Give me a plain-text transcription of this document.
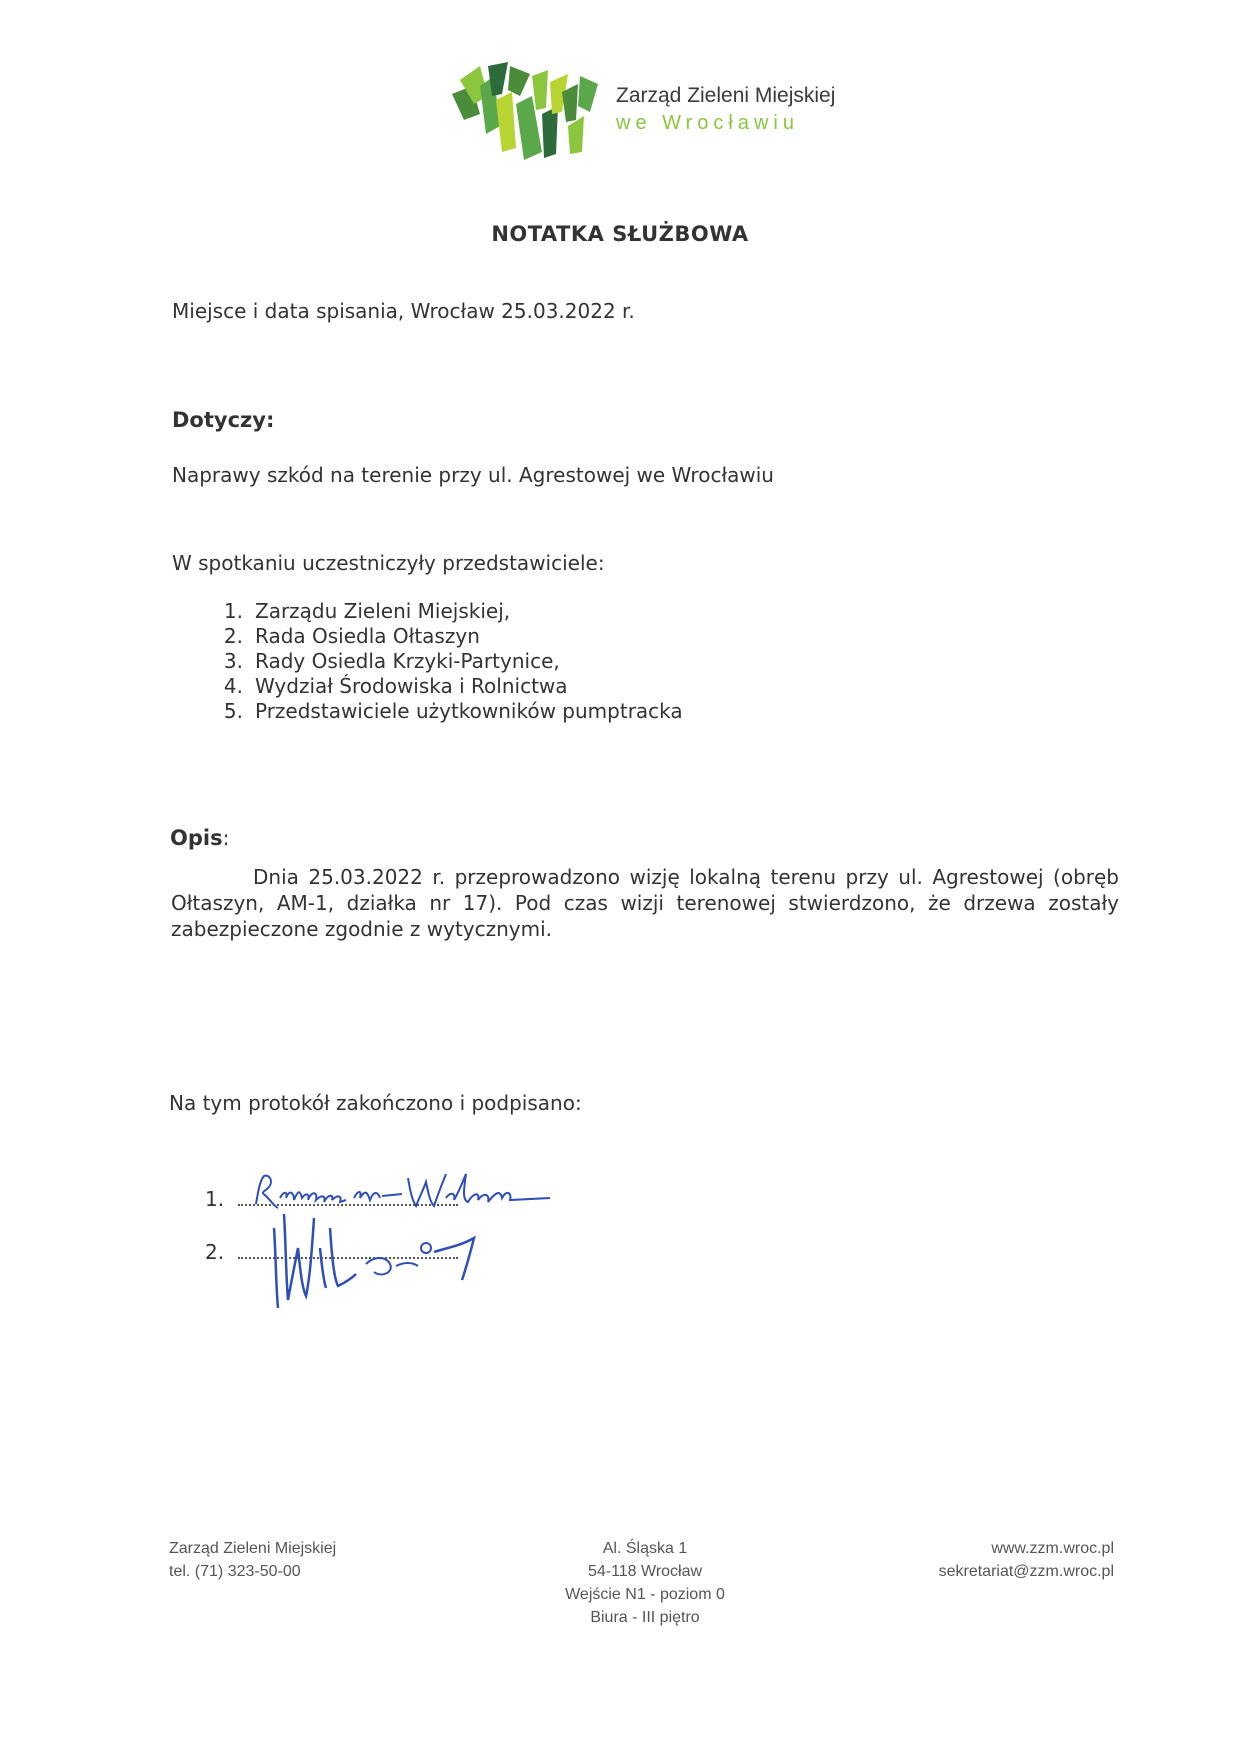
Zarząd Zieleni Miejskiej
we Wrocławiu
NOTATKA SŁUŻBOWA
Miejsce i data spisania, Wrocław 25.03.2022 r.
Dotyczy:
Naprawy szkód na terenie przy ul. Agrestowej we Wrocławiu
W spotkaniu uczestniczyły przedstawiciele:
1. Zarządu Zieleni Miejskiej,
2. Rada Osiedla Ołtaszyn
3. Rady Osiedla Krzyki-Partynice,
4. Wydział Środowiska i Rolnictwa
5. Przedstawiciele użytkowników pumptracka
Opis:
Dnia 25.03.2022 r. przeprowadzono wizję lokalną terenu przy ul. Agrestowej (obręb Ołtaszyn, AM-1, działka nr 17). Pod czas wizji terenowej stwierdzono, że drzewa zostały zabezpieczone zgodnie z wytycznymi.
Na tym protokół zakończono i podpisano:
1.
2.
Zarząd Zieleni Miejskiej
tel. (71) 323-50-00
Al. Śląska 1
54-118 Wrocław
Wejście N1 - poziom 0
Biura - III piętro
www.zzm.wroc.pl
sekretariat@zzm.wroc.pl
